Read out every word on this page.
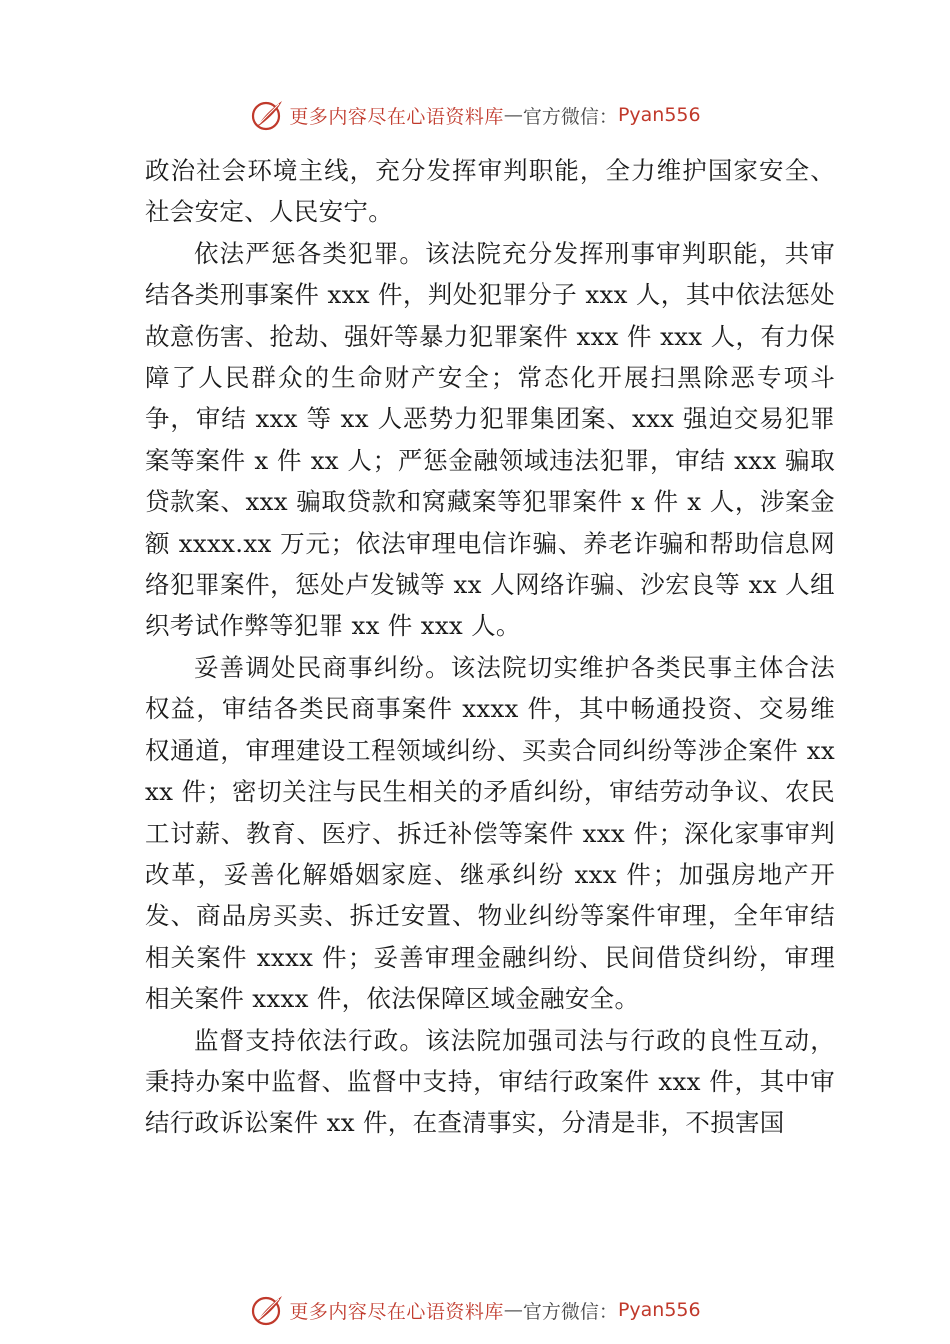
更多内容尽在心语资料库 — 官方微信： Pyan556

政治社会环境主线，充分发挥审判职能，全力维护国家安全、社会安定、人民安宁。

依法严惩各类犯罪。该法院充分发挥刑事审判职能，共审结各类刑事案件 xxx 件，判处犯罪分子 xxx 人，其中依法惩处故意伤害、抢劫、强奸等暴力犯罪案件 xxx 件 xxx 人，有力保障了人民群众的生命财产安全；常态化开展扫黑除恶专项斗争，审结 xxx 等 xx 人恶势力犯罪集团案、xxx 强迫交易犯罪案等案件 x 件 xx 人；严惩金融领域违法犯罪，审结 xxx 骗取贷款案、xxx 骗取贷款和窝藏案等犯罪案件 x 件 x 人，涉案金额 xxxx.xx 万元；依法审理电信诈骗、养老诈骗和帮助信息网络犯罪案件，惩处卢发铖等 xx 人网络诈骗、沙宏良等 xx 人组织考试作弊等犯罪 xx 件 xxx 人。

妥善调处民商事纠纷。该法院切实维护各类民事主体合法权益，审结各类民商事案件 xxxx 件，其中畅通投资、交易维权通道，审理建设工程领域纠纷、买卖合同纠纷等涉企案件 xxxx 件；密切关注与民生相关的矛盾纠纷，审结劳动争议、农民工讨薪、教育、医疗、拆迁补偿等案件 xxx 件；深化家事审判改革，妥善化解婚姻家庭、继承纠纷 xxx 件；加强房地产开发、商品房买卖、拆迁安置、物业纠纷等案件审理，全年审结相关案件 xxxx 件；妥善审理金融纠纷、民间借贷纠纷，审理相关案件 xxxx 件，依法保障区域金融安全。

监督支持依法行政。该法院加强司法与行政的良性互动，秉持办案中监督、监督中支持，审结行政案件 xxx 件，其中审结行政诉讼案件 xx 件，在查清事实，分清是非，不损害国

更多内容尽在心语资料库 — 官方微信： Pyan556
